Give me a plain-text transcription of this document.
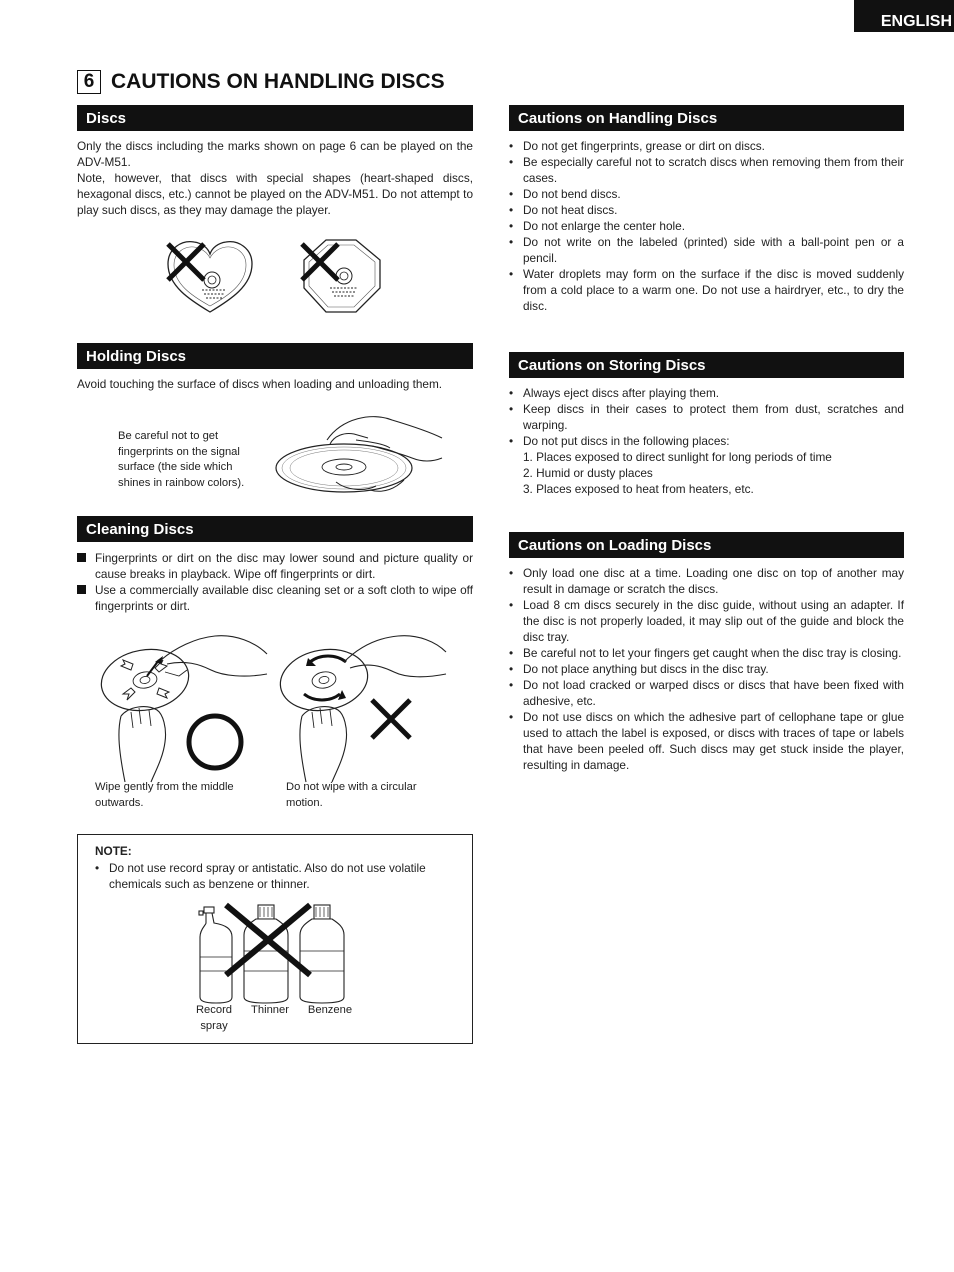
ENGLISH
6 CAUTIONS ON HANDLING DISCS
Discs

Only the discs including the marks shown on page 6 can be played on the ADV-M51.

Note, however, that discs with special shapes (heart-shaped discs, hexagonal discs, etc.) cannot be played on the ADV-M51. Do not attempt to play such discs, as they may damage the player.

Holding Discs
Avoid touching the surface of discs when loading and unloading them.
Be careful not to get fingerprints on the signal surface (the side which shines in rainbow colors).
Cleaning Discs
Fingerprints or dirt on the disc may lower sound and picture quality or cause breaks in playback. Wipe off fingerprints or dirt.
Use a commercially available disc cleaning set or a soft cloth to wipe off fingerprints or dirt.
Wipe gently from the middle outwards.
Do not wipe with a circular motion.
NOTE:
• Do not use record spray or antistatic. Also do not use volatile chemicals such as benzene or thinner.
Record spray
Thinner	Benzene
Cautions on Handling Discs
• Do not get fingerprints, grease or dirt on discs.
• Be especially careful not to scratch discs when removing them from their cases.
• Do not bend discs.
• Do not heat discs.
• Do not enlarge the center hole.
• Do not write on the labeled (printed) side with a ball-point pen or a pencil.
• Water droplets may form on the surface if the disc is moved suddenly from a cold place to a warm one. Do not use a hairdryer, etc., to dry the disc.
Cautions on Storing Discs
• Always eject discs after playing them.
• Keep discs in their cases to protect them from dust, scratches and warping.
• Do not put discs in the following places:
1. Places exposed to direct sunlight for long periods of time
2. Humid or dusty places
3. Places exposed to heat from heaters, etc.
Cautions on Loading Discs
• Only load one disc at a time. Loading one disc on top of another may result in damage or scratch the discs.
• Load 8 cm discs securely in the disc guide, without using an adapter. If the disc is not properly loaded, it may slip out of the guide and block the disc tray.
• Be careful not to let your fingers get caught when the disc tray is closing.
• Do not place anything but discs in the disc tray.
• Do not load cracked or warped discs or discs that have been fixed with adhesive, etc.
• Do not use discs on which the adhesive part of cellophane tape or glue used to attach the label is exposed, or discs with traces of tape or labels that have been peeled off. Such discs may get stuck inside the player, resulting in damage.
